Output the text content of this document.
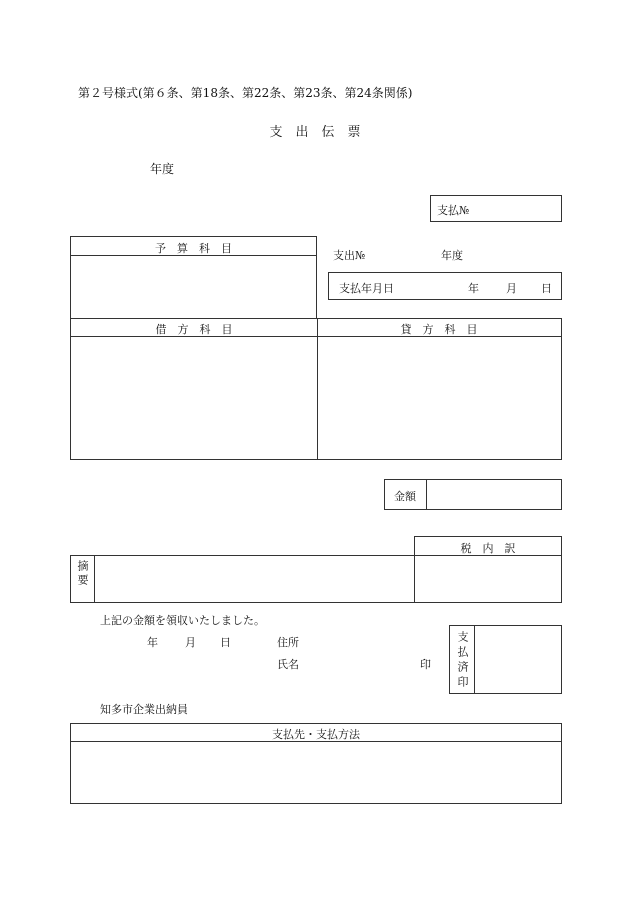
第２号様式(第６条、第18条、第22条、第23条、第24条関係)
支　出　伝　票
年度
支払№
予　算　科　目
支出№	年度
支払年月日	年 月 日
借　方　科　目	貸　方　科　目
金額
税　内　訳
摘要
上記の金額を領収いたしました。
年 月 日	住所
氏名	印 支払済印
知多市企業出納員
支払先・支払方法
